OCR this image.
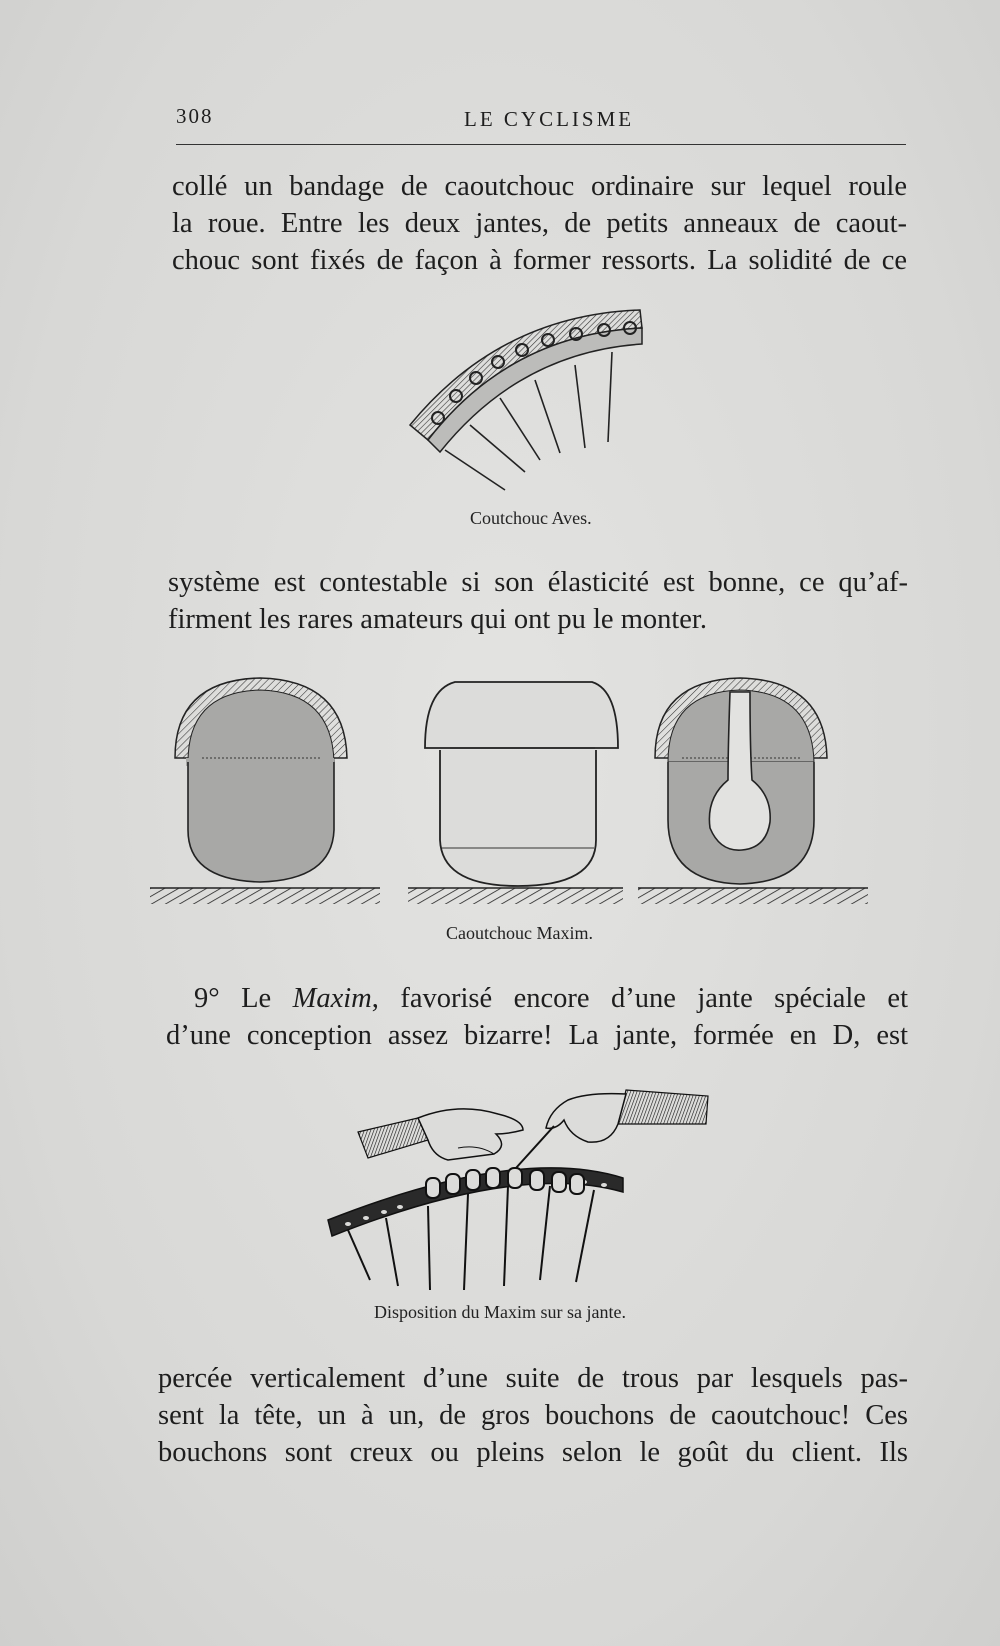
308	LE CYCLISME

collé un bandage de caoutchouc ordinaire sur lequel roule
la roue. Entre les deux jantes, de petits anneaux de caout-
chouc sont fixés de façon à former ressorts. La solidité de ce

Coutchouc Aves.

système est contestable si son élasticité est bonne, ce qu’af-
firment les rares amateurs qui ont pu le monter.

Caoutchouc Maxim.

9° Le Maxim, favorisé encore d’une jante spéciale et
d’une conception assez bizarre! La jante, formée en D, est

Disposition du Maxim sur sa jante.

percée verticalement d’une suite de trous par lesquels pas-
sent la tête, un à un, de gros bouchons de caoutchouc! Ces
bouchons sont creux ou pleins selon le goût du client. Ils
